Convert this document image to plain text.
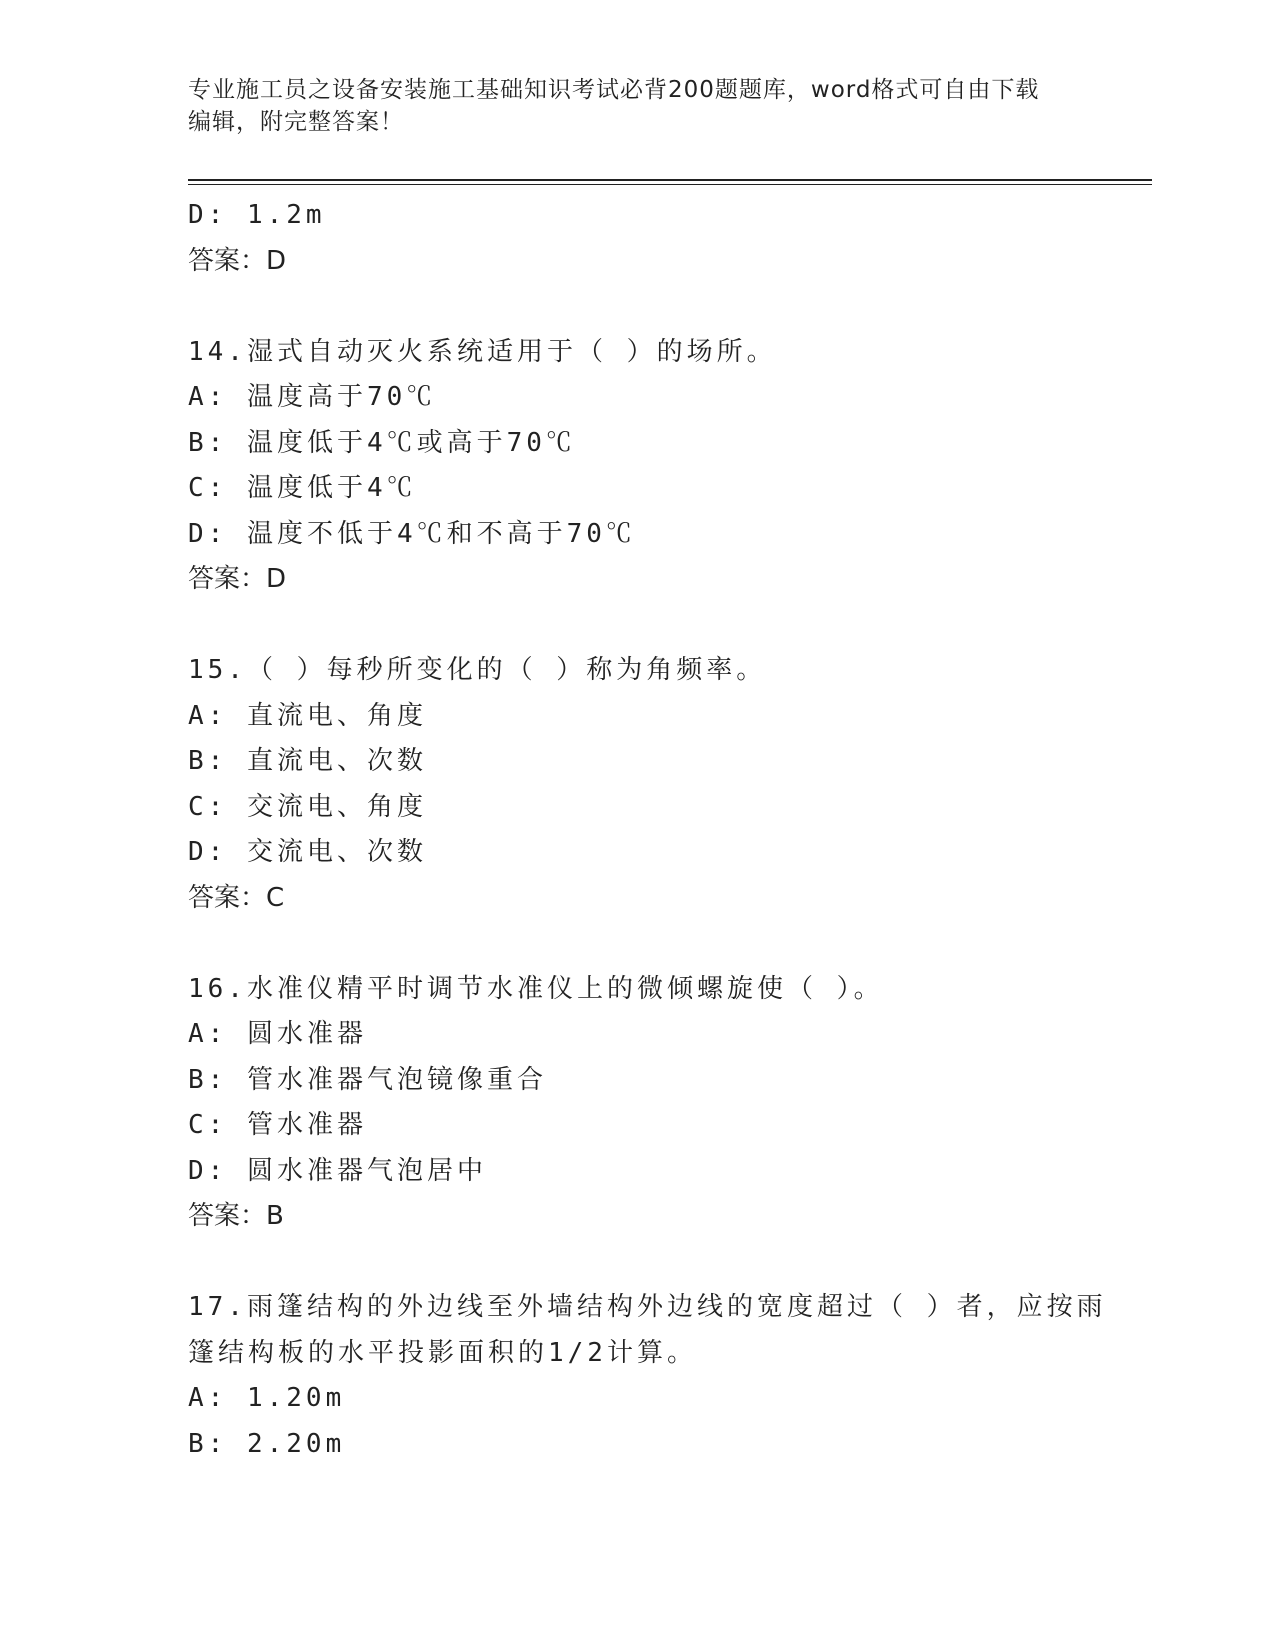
专业施工员之设备安装施工基础知识考试必背200题题库，word格式可自由下载
编辑，附完整答案！
D: 1.2m
答案：D
14.湿式自动灭火系统适用于（ ）的场所。
A: 温度高于70℃
B: 温度低于4℃或高于70℃
C: 温度低于4℃
D: 温度不低于4℃和不高于70℃
答案：D
15.（ ）每秒所变化的（ ）称为角频率。
A: 直流电、角度
B: 直流电、次数
C: 交流电、角度
D: 交流电、次数
答案：C
16.水准仪精平时调节水准仪上的微倾螺旋使（ ）。
A: 圆水准器
B: 管水准器气泡镜像重合
C: 管水准器
D: 圆水准器气泡居中
答案：B
17.雨篷结构的外边线至外墙结构外边线的宽度超过（ ）者，应按雨
篷结构板的水平投影面积的1/2计算。
A: 1.20m
B: 2.20m
